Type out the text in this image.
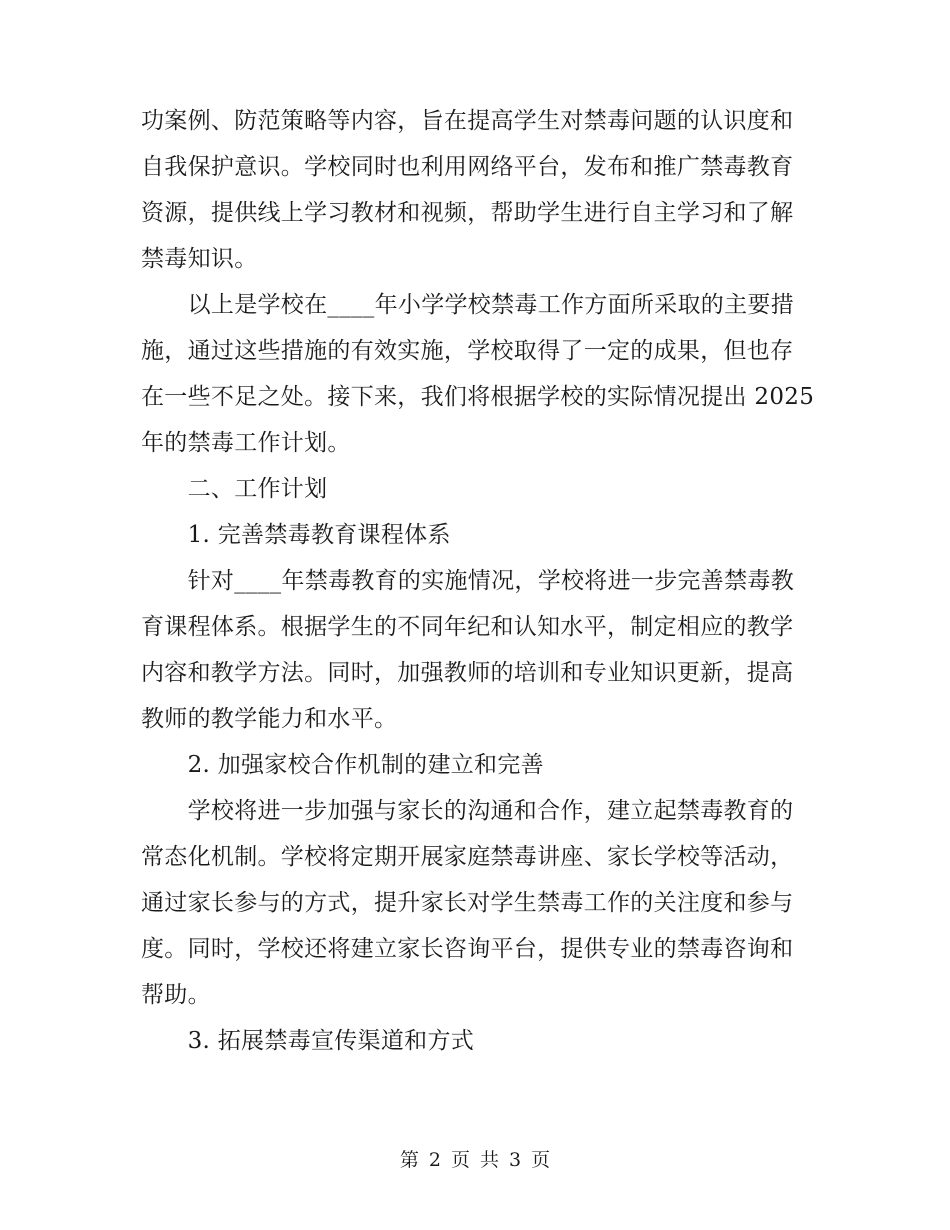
功案例、防范策略等内容，旨在提高学生对禁毒问题的认识度和
自我保护意识。学校同时也利用网络平台，发布和推广禁毒教育
资源，提供线上学习教材和视频，帮助学生进行自主学习和了解
禁毒知识。
　　以上是学校在____年小学学校禁毒工作方面所采取的主要措
施，通过这些措施的有效实施，学校取得了一定的成果，但也存
在一些不足之处。接下来，我们将根据学校的实际情况提出 2025
年的禁毒工作计划。
　　二、工作计划
　　1. 完善禁毒教育课程体系
　　针对____年禁毒教育的实施情况，学校将进一步完善禁毒教
育课程体系。根据学生的不同年纪和认知水平，制定相应的教学
内容和教学方法。同时，加强教师的培训和专业知识更新，提高
教师的教学能力和水平。
　　2. 加强家校合作机制的建立和完善
　　学校将进一步加强与家长的沟通和合作，建立起禁毒教育的
常态化机制。学校将定期开展家庭禁毒讲座、家长学校等活动，
通过家长参与的方式，提升家长对学生禁毒工作的关注度和参与
度。同时，学校还将建立家长咨询平台，提供专业的禁毒咨询和
帮助。
　　3. 拓展禁毒宣传渠道和方式
第 2 页 共 3 页
